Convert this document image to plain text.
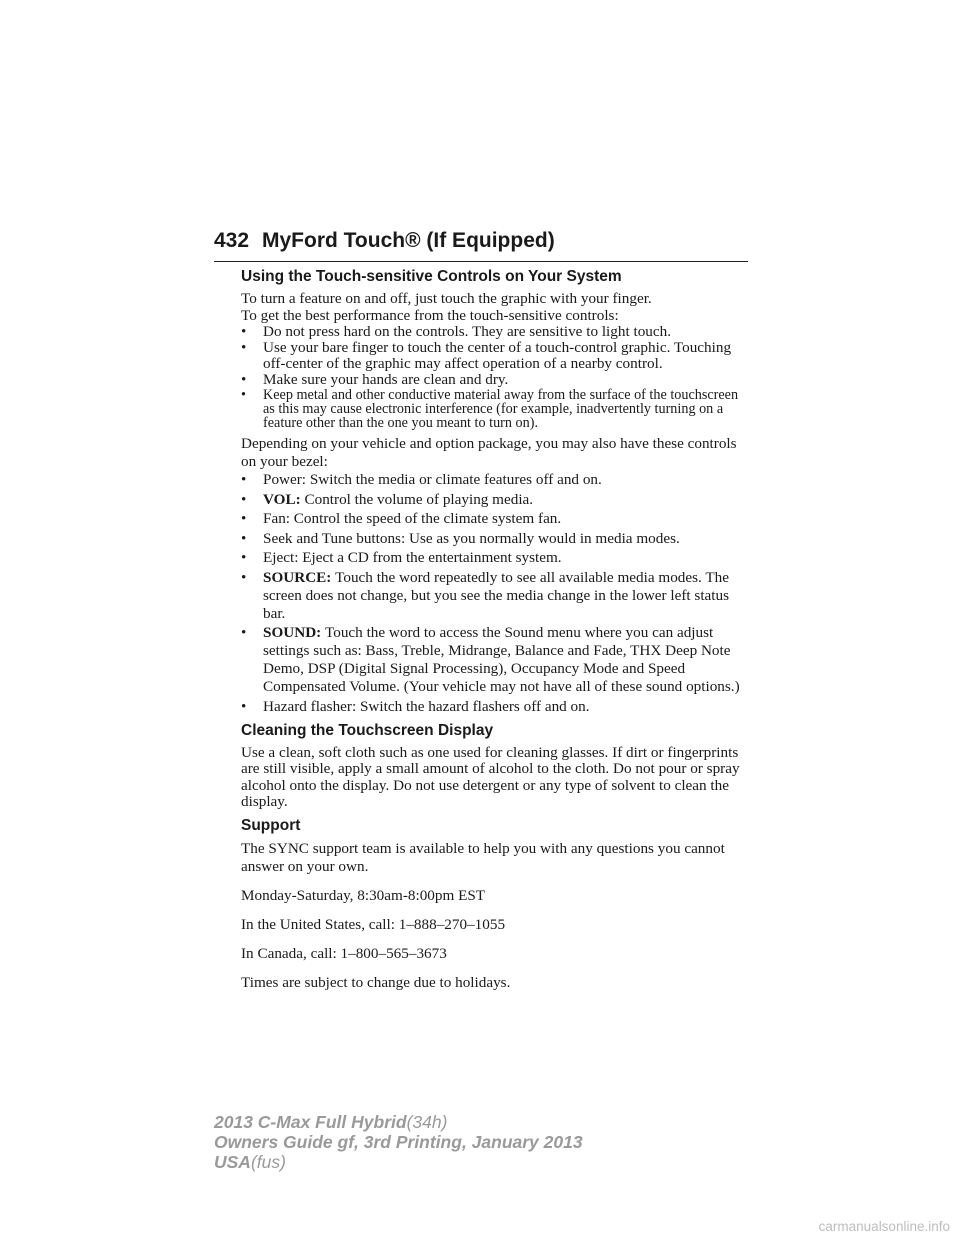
432 MyFord Touch® (If Equipped)
Using the Touch-sensitive Controls on Your System
To turn a feature on and off, just touch the graphic with your finger.
To get the best performance from the touch-sensitive controls:
• Do not press hard on the controls. They are sensitive to light touch.
• Use your bare finger to touch the center of a touch-control graphic. Touching off-center of the graphic may affect operation of a nearby control.
• Make sure your hands are clean and dry.
• Keep metal and other conductive material away from the surface of the touchscreen as this may cause electronic interference (for example, inadvertently turning on a feature other than the one you meant to turn on).

Depending on your vehicle and option package, you may also have these controls on your bezel:

• Power: Switch the media or climate features off and on.
• VOL: Control the volume of playing media.
• Fan: Control the speed of the climate system fan.
• Seek and Tune buttons: Use as you normally would in media modes.
• Eject: Eject a CD from the entertainment system.
• SOURCE: Touch the word repeatedly to see all available media modes. The screen does not change, but you see the media change in the lower left status bar.
• SOUND: Touch the word to access the Sound menu where you can adjust settings such as: Bass, Treble, Midrange, Balance and Fade, THX Deep Note Demo, DSP (Digital Signal Processing), Occupancy Mode and Speed Compensated Volume. (Your vehicle may not have all of these sound options.)
• Hazard flasher: Switch the hazard flashers off and on.
Cleaning the Touchscreen Display

Use a clean, soft cloth such as one used for cleaning glasses. If dirt or fingerprints are still visible, apply a small amount of alcohol to the cloth. Do not pour or spray alcohol onto the display. Do not use detergent or any type of solvent to clean the display.

Support

The SYNC support team is available to help you with any questions you cannot answer on your own.

Monday-Saturday, 8:30am-8:00pm EST

In the United States, call: 1–888–270–1055

In Canada, call: 1–800–565–3673

Times are subject to change due to holidays.

2013 C-Max Full Hybrid(34h)
Owners Guide gf, 3rd Printing, January 2013
USA(fus)
carmanualsonline.info
